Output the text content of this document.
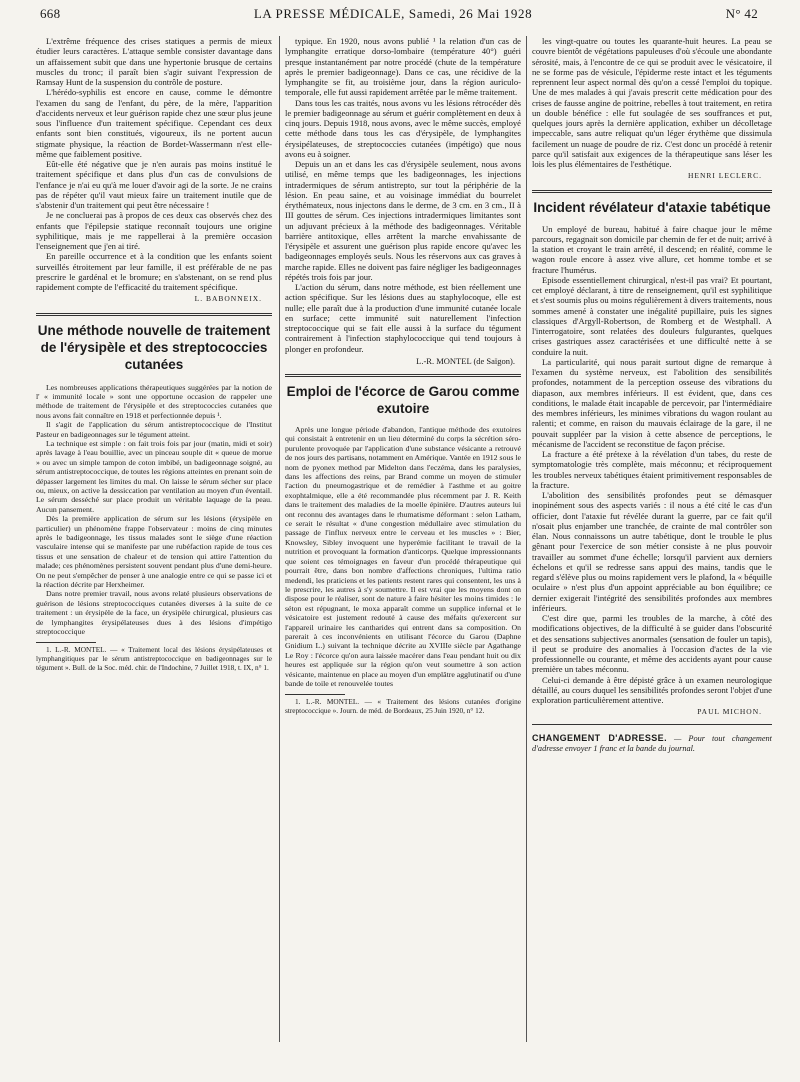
668	LA PRESSE MÉDICALE, Samedi, 26 Mai 1928	N° 42

L'extrême fréquence des crises statiques a permis de mieux étudier leurs caractères. L'attaque semble consister davantage dans un affaissement subit que dans une hypertonie brusque de certains muscles du tronc; il paraît bien s'agir suivant l'expression de Ramsay Hunt de la suspension du contrôle de posture.

L'hérédo-syphilis est encore en cause, comme le démontre l'examen du sang de l'enfant, du père, de la mère, l'apparition d'accidents nerveux et leur guérison rapide chez une sœur plus jeune sous l'influence d'un traitement spécifique. Cependant ces deux enfants sont bien constitués, vigoureux, ils ne portent aucun stigmate physique, la réaction de Bordet-Wassermann n'est elle-même que faiblement positive.

Eût-elle été négative que je n'en aurais pas moins institué le traitement spécifique et dans plus d'un cas de convulsions de l'enfance je n'ai eu qu'à me louer d'avoir agi de la sorte. Je ne crains pas de répéter qu'il vaut mieux faire un traitement inutile que de s'abstenir d'un traitement qui peut être nécessaire !

Je ne concluerai pas à propos de ces deux cas observés chez des enfants que l'épilepsie statique reconnaît toujours une origine syphilitique, mais je me rappellerai à la première occasion l'enseignement que j'en ai tiré.

En pareille occurrence et à la condition que les enfants soient surveillés étroitement par leur famille, il est préférable de ne pas prescrire le gardénal et le bromure; en s'abstenant, on se rend plus rapidement compte de l'efficacité du traitement spécifique.

L. BABONNEIX.

Une méthode nouvelle de traitement de l'érysipèle et des streptococcies cutanées

Les nombreuses applications thérapeutiques suggérées par la notion de l' « immunité locale » sont une opportune occasion de rappeler une méthode de traitement de l'érysipèle et des streptococcies cutanées que nous avons fait connaître en 1918 et perfectionnée depuis ¹.

Il s'agit de l'application du sérum antistreptococcique de l'Institut Pasteur en badigeonnages sur le tégument atteint.

La technique est simple : on fait trois fois par jour (matin, midi et soir) après lavage à l'eau bouillie, avec un pinceau souple dit « queue de morue » ou avec un simple tampon de coton imbibé, un badigeonnage soigné, au sérum antistreptococcique, de toutes les régions atteintes en prenant soin de dépasser largement les limites du mal. On laisse le sérum sécher sur place ou, mieux, on active la dessiccation par ventilation au moyen d'un éventail. Le sérum desséché sur place produit un véritable laquage de la peau. Aucun pansement.

Dès la première application de sérum sur les lésions (érysipèle en particulier) un phénomène frappe l'observateur : moins de cinq minutes après le badigeonnage, les tissus malades sont le siège d'une réaction vasculaire intense qui se manifeste par une rubéfaction rapide de tous ces tissus et une sensation de chaleur et de tension qui attire l'attention du malade; ces phénomènes persistent souvent pendant plus d'une demi-heure. On ne peut s'empêcher de penser à une analogie entre ce qui se passe ici et la réaction décrite par Herxheimer.

Dans notre premier travail, nous avons relaté plusieurs observations de guérison de lésions streptococciques cutanées diverses à la suite de ce traitement : un érysipèle de la face, un érysipèle chirurgical, plusieurs cas de lymphangites érysipélateuses dues à des lésions d'impétigo streptococcique

1. L.-R. MONTEL. — « Traitement local des lésions érysipélateuses et lymphangitiques par le sérum antistreptococcique en badigeonnages sur le tégument ». Bull. de la Soc. méd. chir. de l'Indochine, 7 Juillet 1918, t. IX, n° 1.

typique. En 1920, nous avons publié ¹ la relation d'un cas de lymphangite erratique dorso-lombaire (température 40°) guéri presque instantanément par notre procédé (chute de la température après le premier badigeonnage). Dans ce cas, une récidive de la lymphangite se fit, au troisième jour, dans la région auriculo-temporale, elle fut aussi rapidement arrêtée par le même traitement.

Dans tous les cas traités, nous avons vu les lésions rétrocéder dès le premier badigeonnage au sérum et guérir complètement en deux à cinq jours. Depuis 1918, nous avons, avec le même succès, employé cette méthode dans tous les cas d'érysipèle, de lymphangites érysipélateuses, de streptococcies cutanées (impétigo) que nous avons eu à soigner.

Depuis un an et dans les cas d'érysipèle seulement, nous avons utilisé, en même temps que les badigeonnages, les injections intradermiques de sérum antistrepto, sur tout la périphérie de la lésion. En peau saine, et au voisinage immédiat du bourrelet érythémateux, nous injectons dans le derme, de 3 cm. en 3 cm., II à III gouttes de sérum. Ces injections intradermiques limitantes sont un adjuvant précieux à la méthode des badigeonnages. Véritable barrière antitoxique, elles arrêtent la marche envahissante de l'érysipèle et assurent une guérison plus rapide encore qu'avec les badigeonnages employés seuls. Nous les réservons aux cas graves à marche rapide. Elles ne doivent pas faire négliger les badigeonnages répétés trois fois par jour.

L'action du sérum, dans notre méthode, est bien réellement une action spécifique. Sur les lésions dues au staphylocoque, elle est nulle; elle paraît due à la production d'une immunité cutanée locale en surface; cette immunité suit naturellement l'infection streptococcique qui se fait elle aussi à la surface du tégument contrairement à l'infection staphylococcique qui tend toujours à plonger en profondeur.

L.-R. MONTEL (de Saïgon).

Emploi de l'écorce de Garou comme exutoire

Après une longue période d'abandon, l'antique méthode des exutoires qui consistait à entretenir en un lieu déterminé du corps la sécrétion séro-purulente provoquée par l'application d'une substance vésicante a retrouvé de nos jours des partisans, notamment en Amérique. Vantée en 1912 sous le nom de pyonex method par Midelton dans l'eczéma, dans les paralysies, dans les affections des reins, par Brand comme un moyen de stimuler l'action du pneumogastrique et de remédier à l'asthme et au goitre exophtalmique, elle a été recommandée plus récemment par J. R. Keith dans le traitement des maladies de la moelle épinière. D'autres auteurs lui ont reconnu des avantages dans le rhumatisme déformant : selon Latham, ce serait le résultat « d'une congestion médullaire avec stimulation du passage de l'influx nerveux entre le cerveau et les muscles » : Bier, Knowsley, Sibley invoquent une hyperémie facilitant le travail de la nutrition et provoquant la formation d'anticorps. Quelque impressionnants que soient ces témoignages en faveur d'un procédé thérapeutique qui pourrait être, dans bon nombre d'affections chroniques, l'ultima ratio medendi, les praticiens et les patients restent rares qui consentent, les uns à le prescrire, les autres à s'y soumettre. Il est vrai que les moyens dont on dispose pour le réaliser, sont de nature à faire hésiter les moins timides : le séton est répugnant, le moxa apparaît comme un supplice infernal et le vésicatoire est justement redouté à cause des méfaits qu'exercent sur l'appareil urinaire les cantharides qui entrent dans sa composition. On parerait à ces inconvénients en utilisant l'écorce du Garou (Daphne Gnidium L.) suivant la technique décrite au XVIIIe siècle par Agathange Le Roy : l'écorce qu'on aura laissée macérer dans l'eau pendant huit ou dix heures est appliquée sur la région qu'on veut soumettre à son action vésicante, maintenue en place au moyen d'un emplâtre agglutinatif ou d'une bande de toile et renouvelée toutes

1. L.-R. MONTEL. — « Traitement des lésions cutanées d'origine streptococcique ». Journ. de méd. de Bordeaux, 25 Juin 1920, n° 12.

les vingt-quatre ou toutes les quarante-huit heures. La peau se couvre bientôt de végétations papuleuses d'où s'écoule une abondante sérosité, mais, à l'encontre de ce qui se produit avec le vésicatoire, il ne se forme pas de vésicule, l'épiderme reste intact et les téguments reprennent leur aspect normal dès qu'on a cessé l'emploi du topique. Une de mes malades à qui j'avais prescrit cette médication pour des crises de fausse angine de poitrine, rebelles à tout traitement, en retira un double bénéfice : elle fut soulagée de ses souffrances et put, quelques jours après la dernière application, exhiber un décolletage impeccable, sans autre reliquat qu'un léger érythème que dissimula facilement un nuage de poudre de riz. C'est donc un procédé à retenir parce qu'il satisfait aux exigences de la thérapeutique sans léser les lois les plus élémentaires de l'esthétique.

HENRI LECLERC.

Incident révélateur d'ataxie tabétique

Un employé de bureau, habitué à faire chaque jour le même parcours, regagnait son domicile par chemin de fer et de nuit; arrivé à la station et croyant le train arrêté, il descend; en réalité, comme le wagon roule encore à assez vive allure, cet homme tombe et se fracture l'humérus.

Episode essentiellement chirurgical, n'est-il pas vrai? Et pourtant, cet employé déclarant, à titre de renseignement, qu'il est syphilitique et s'est soumis plus ou moins régulièrement à divers traitements, nous sommes amené à constater une inégalité pupillaire, puis les signes classiques d'Argyll-Robertson, de Romberg et de Westphall. A l'interrogatoire, sont relatées des douleurs fulgurantes, quelques crises gastriques assez caractérisées et une difficulté nette à se conduire la nuit.

La particularité, qui nous parait surtout digne de remarque à l'examen du système nerveux, est l'abolition des sensibilités profondes, notamment de la perception osseuse des vibrations du diapason, aux membres inférieurs. Il est évident, que, dans ces conditions, le malade était incapable de percevoir, par l'intermédiaire des membres inférieurs, les minimes vibrations du wagon roulant au ralenti; et comme, en raison du mauvais éclairage de la gare, il ne pouvait suppléer par la vision à cette absence de perceptions, le mécanisme de l'accident se reconstitue de façon précise.

La fracture a été prétexe à la révélation d'un tabes, du reste de symptomatologie très complète, mais méconnu; et réciproquement les troubles nerveux tabétiques étaient primitivement responsables de la fracture.

L'abolition des sensibilités profondes peut se démasquer inopinément sous des aspects variés : il nous a été cité le cas d'un officier, dont l'ataxie fut révélée durant la guerre, par ce fait qu'il n'osait plus enjamber une tranchée, de crainte de mal contrôler son élan. Nous connaissons un autre tabétique, dont le trouble le plus gênant pour l'exercice de son métier consiste à ne plus pouvoir travailler au sommet d'une échelle; lorsqu'il parvient aux derniers échelons et qu'il se redresse sans appui des mains, tandis que le regard s'élève plus ou moins rapidement vers le plafond, la « béquille oculaire » n'est plus d'un appoint appréciable au bon équilibre; ce dernier exigerait l'intégrité des sensibilités profondes aux membres inférieurs.

C'est dire que, parmi les troubles de la marche, à côté des modifications objectives, de la difficulté à se guider dans l'obscurité et des sensations subjectives anormales (sensation de fouler un tapis), il peut se produire des anomalies à l'occasion d'actes de la vie professionnelle ou courante, et même des accidents ayant pour cause première un tabes méconnu.

Celui-ci demande à être dépisté grâce à un examen neurologique détaillé, au cours duquel les sensibilités profondes seront l'objet d'une exploration particulièrement attentive.

PAUL MICHON.

CHANGEMENT D'ADRESSE. — Pour tout changement d'adresse envoyer 1 franc et la bande du journal.
